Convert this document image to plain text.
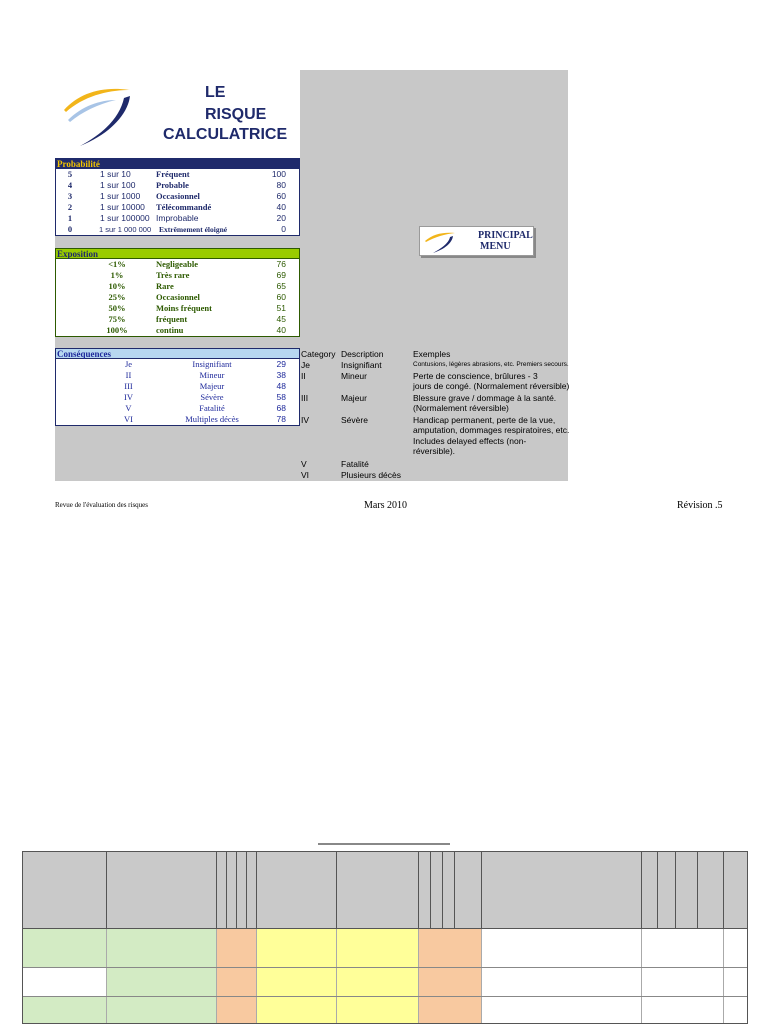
LE
RISQUE
CALCULATRICE
Probabilité
5	1 sur 10	Fréquent	100
4	1 sur 100 Probable	80
3	1 sur 1000 Occasionnel	60
2	1 sur 10000 Télécommandé	40
1	1 sur 100000 Improbable	20
0	1 sur 1 000 000 Extrêmement éloigné	0
Exposition
<1%	Negligeable	76
1%	Très rare	69
10%	Rare	65
25%	Occasionnel	60
50%	Moins fréquent	51
75%	fréquent	45
100%	continu	40
Conséquences
Je	Insignifiant	29
II	Mineur	38
III	Majeur	48
IV	Sévère	58
V	Fatalité	68
VI	Multiples décès	78
PRINCIPAL
MENU
Category Description	Exemples
Je	Insignifiant	Contusions, légères abrasions, etc. Premiers secours.
II	Mineur	Perte de conscience, brûlures - 3
jours de congé. (Normalement réversible)
III	Majeur	Blessure grave / dommage à la santé.
(Normalement réversible)
IV	Sévère	Handicap permanent, perte de la vue,
amputation, dommages respiratoires, etc.
Includes delayed effects (non-
réversible).
V	Fatalité
VI	Plusieurs décès
Revue de l'évaluation des risques	Mars 2010	Révision .5
